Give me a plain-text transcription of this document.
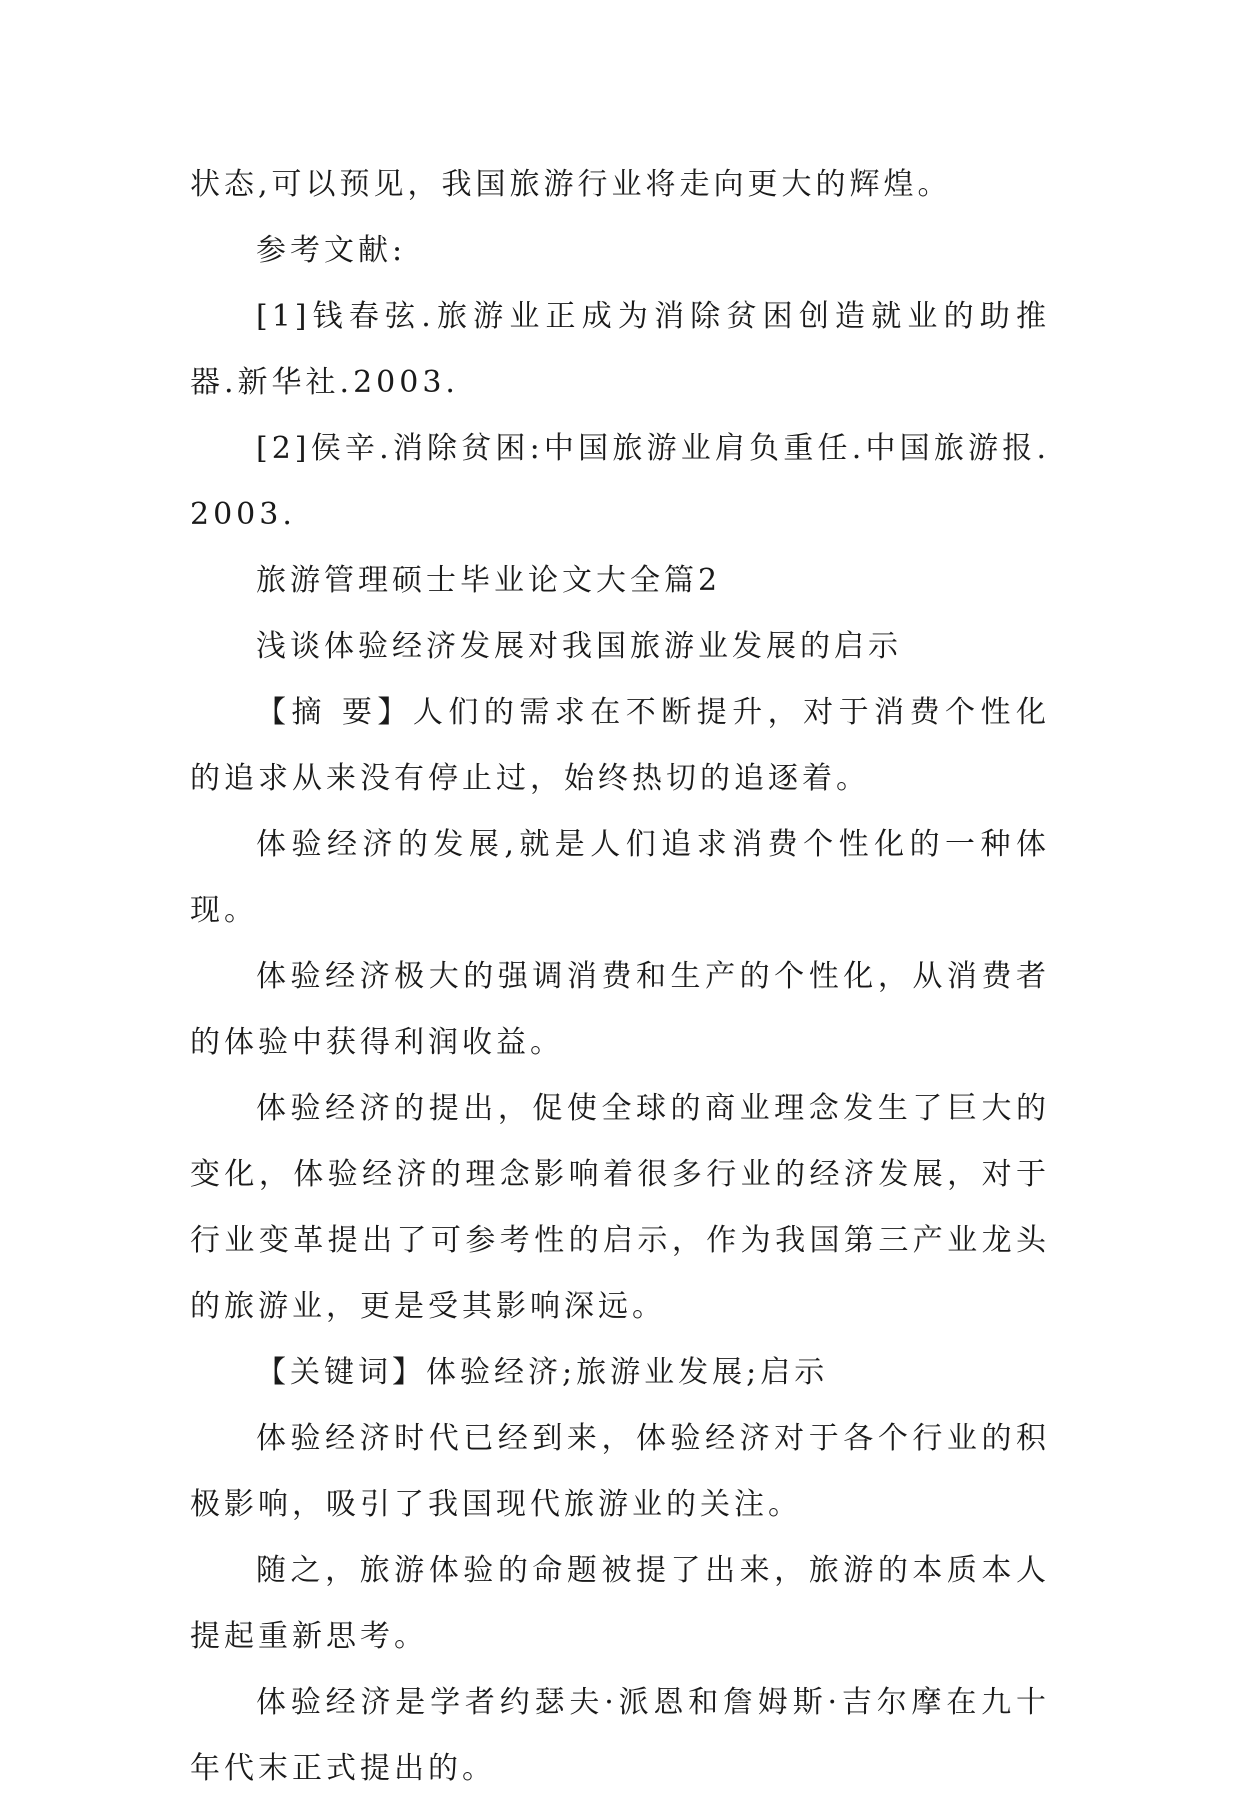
状态,可以预见，我国旅游行业将走向更大的辉煌。

参考文献:

[1]钱春弦.旅游业正成为消除贫困创造就业的助推器.新华社.2003.

[2]侯辛.消除贫困:中国旅游业肩负重任.中国旅游报.2003.

旅游管理硕士毕业论文大全篇2

浅谈体验经济发展对我国旅游业发展的启示

【摘 要】人们的需求在不断提升，对于消费个性化的追求从来没有停止过，始终热切的追逐着。

体验经济的发展,就是人们追求消费个性化的一种体现。

体验经济极大的强调消费和生产的个性化，从消费者的体验中获得利润收益。

体验经济的提出，促使全球的商业理念发生了巨大的变化，体验经济的理念影响着很多行业的经济发展，对于行业变革提出了可参考性的启示，作为我国第三产业龙头的旅游业，更是受其影响深远。

【关键词】体验经济;旅游业发展;启示

体验经济时代已经到来，体验经济对于各个行业的积极影响，吸引了我国现代旅游业的关注。

随之，旅游体验的命题被提了出来，旅游的本质本人提起重新思考。

体验经济是学者约瑟夫·派恩和詹姆斯·吉尔摩在九十年代末正式提出的。
